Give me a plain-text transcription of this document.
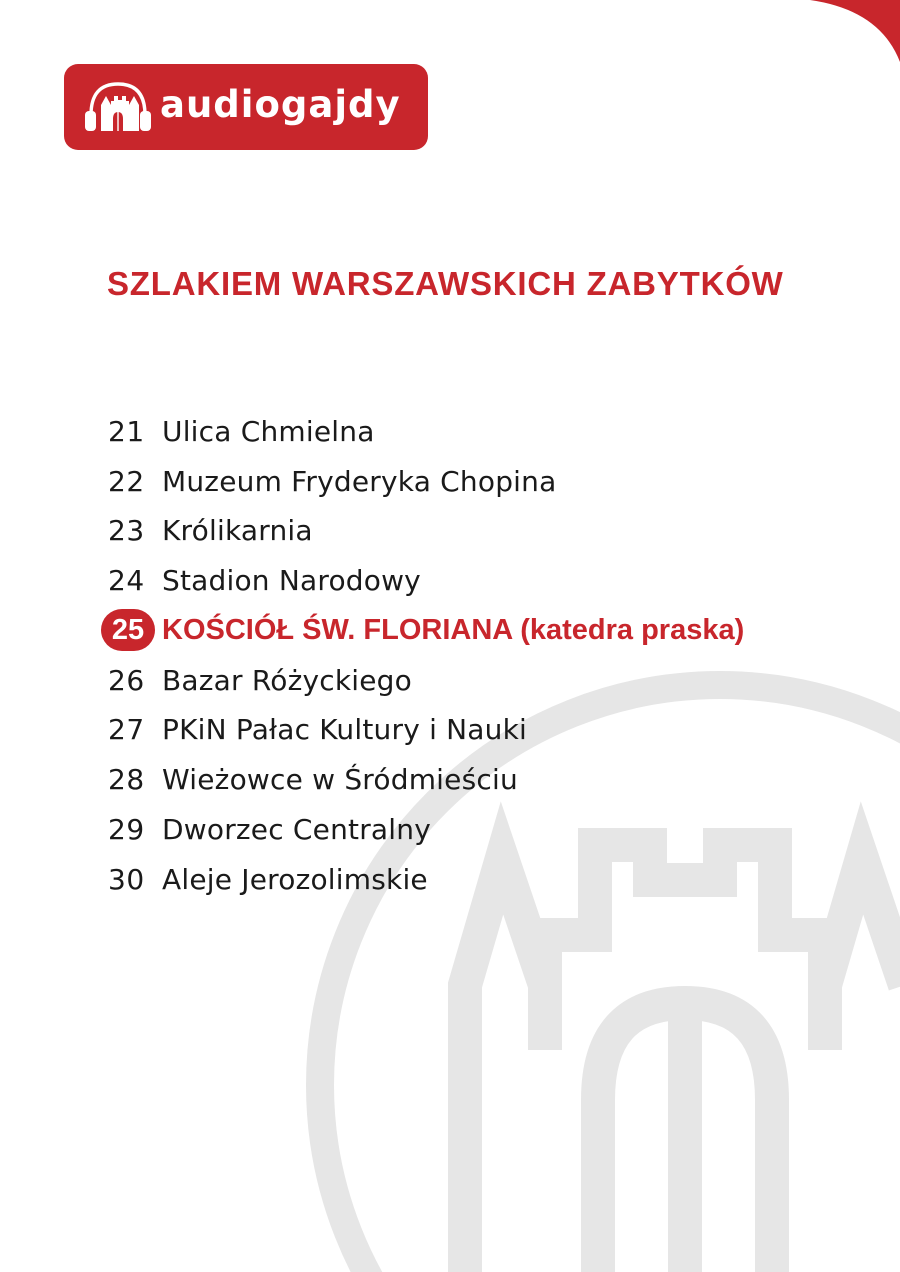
audiogajdy
SZLAKIEM WARSZAWSKICH ZABYTKÓW
21 Ulica Chmielna
22 Muzeum Fryderyka Chopina
23 Królikarnia
24 Stadion Narodowy
25 KOŚCIÓŁ ŚW. FLORIANA (katedra praska)
26 Bazar Różyckiego
27 PKiN Pałac Kultury i Nauki
28 Wieżowce w Śródmieściu
29 Dworzec Centralny
30 Aleje Jerozolimskie
